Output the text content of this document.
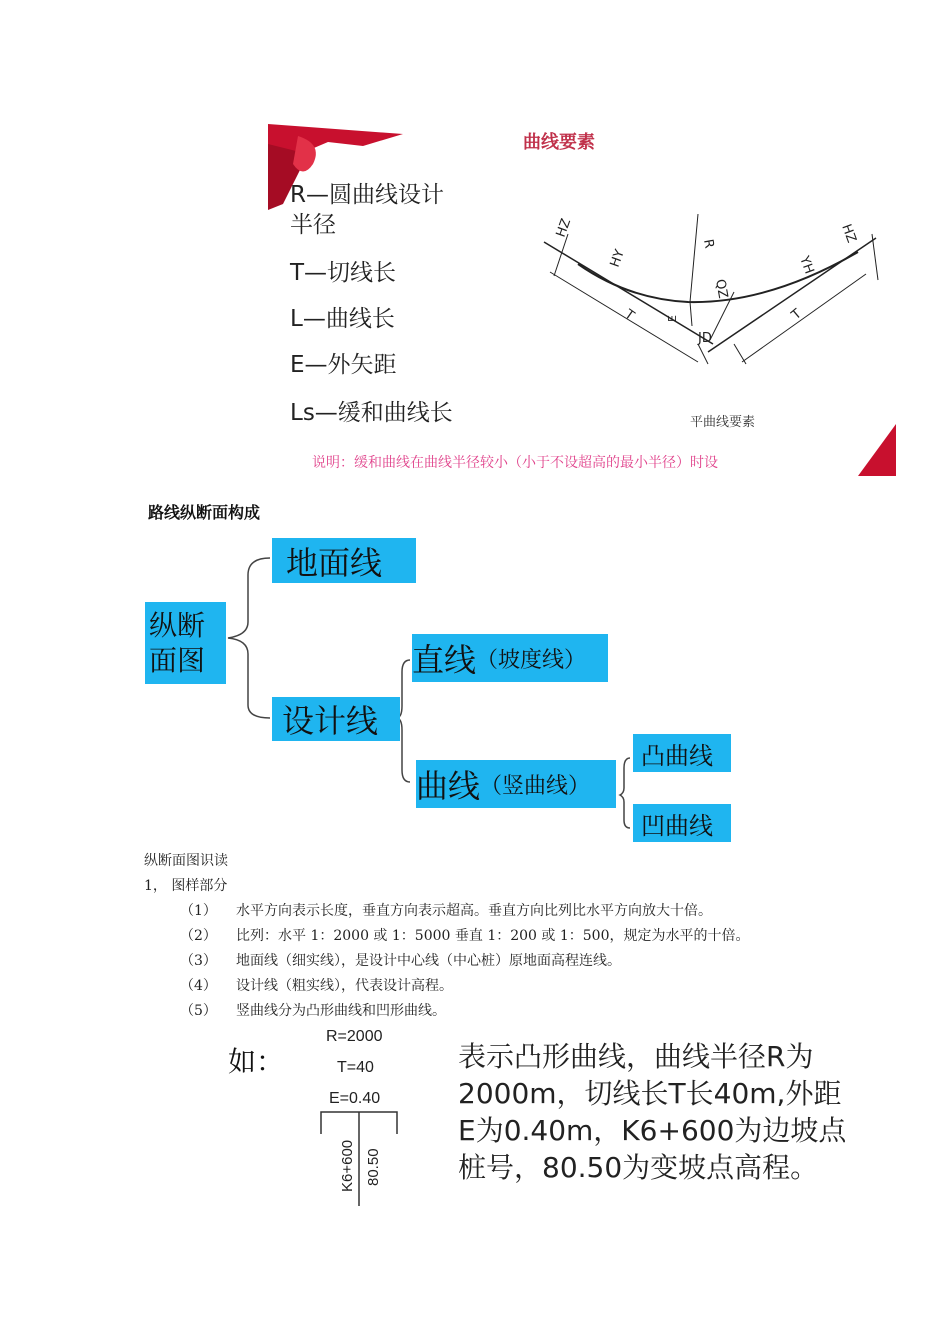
曲线要素
R—圆曲线设计
半径
T—切线长
L—曲线长
E—外矢距
Ls—缓和曲线长
HZ
HY
R
QZ
E
JD
T	T
YH
HZ
平曲线要素
说明：缓和曲线在曲线半径较小（小于不设超高的最小半径）时设
路线纵断面构成
纵断
面图
地面线
设计线
直线 （坡度线）
曲线 （竖曲线）
凸曲线
凹曲线
纵断面图识读
1， 图样部分
（1） 水平方向表示长度，垂直方向表示超高。垂直方向比列比水平方向放大十倍。
（2） 比列：水平 1：2000 或 1：5000 垂直 1：200 或 1：500，规定为水平的十倍。
（3） 地面线（细实线），是设计中心线（中心桩）原地面高程连线。
（4） 设计线（粗实线），代表设计高程。
（5） 竖曲线分为凸形曲线和凹形曲线。
如：
R=2000
T=40
E=0.40
K6+600 80.50
表示凸形曲线，曲线半径R为
2000m，切线长T长40m,外距
E为0.40m，K6+600为边坡点
桩号，80.50为变坡点高程。
